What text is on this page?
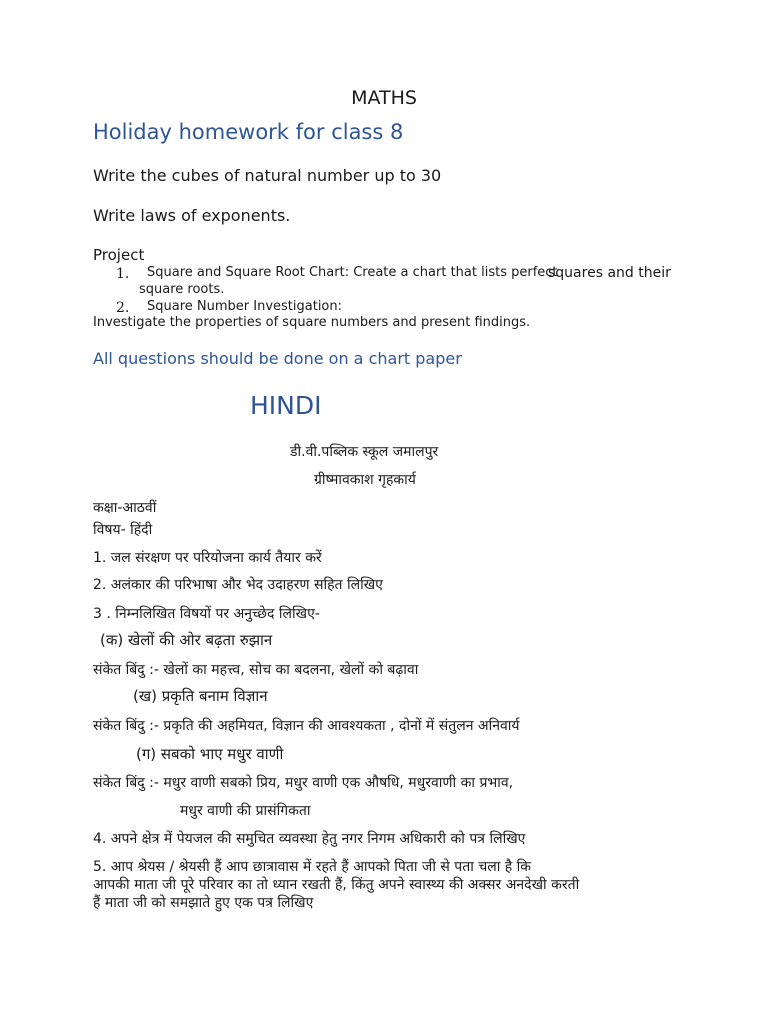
MATHS
Holiday homework for class 8
Write the cubes of natural number up to 30
Write laws of exponents.
Project
1. Square and Square Root Chart: Create a chart that lists perfect
squares and their
square roots.
2. Square Number Investigation:
Investigate the properties of square numbers and present findings.
All questions should be done on a chart paper
HINDI
डी.वी.पब्लिक स्कूल जमालपुर
ग्रीष्मावकाश गृहकार्य
कक्षा-आठवीं
विषय- हिंदी
1. जल संरक्षण पर परियोजना कार्य तैयार करें
2. अलंकार की परिभाषा और भेद उदाहरण सहित लिखिए
3 . निम्नलिखित विषयों पर अनुच्छेद लिखिए-
(क) खेलों की ओर बढ़ता रुझान
संकेत बिंदु :- खेलों का महत्त्व, सोच का बदलना, खेलों को बढ़ावा
(ख) प्रकृति बनाम विज्ञान
संकेत बिंदु :- प्रकृति की अहमियत, विज्ञान की आवश्यकता , दोनों में संतुलन अनिवार्य
(ग) सबको भाए मधुर वाणी
संकेत बिंदु :- मधुर वाणी सबको प्रिय, मधुर वाणी एक औषधि, मधुरवाणी का प्रभाव,
मधुर वाणी की प्रासंगिकता
4. अपने क्षेत्र में पेयजल की समुचित व्यवस्था हेतु नगर निगम अधिकारी को पत्र लिखिए
5. आप श्रेयस / श्रेयसी हैं आप छात्रावास में रहते हैं आपको पिता जी से पता चला है कि
आपकी माता जी पूरे परिवार का तो ध्यान रखती हैं, किंतु अपने स्वास्थ्य की अक्सर अनदेखी करती
हैं माता जी को समझाते हुए एक पत्र लिखिए
